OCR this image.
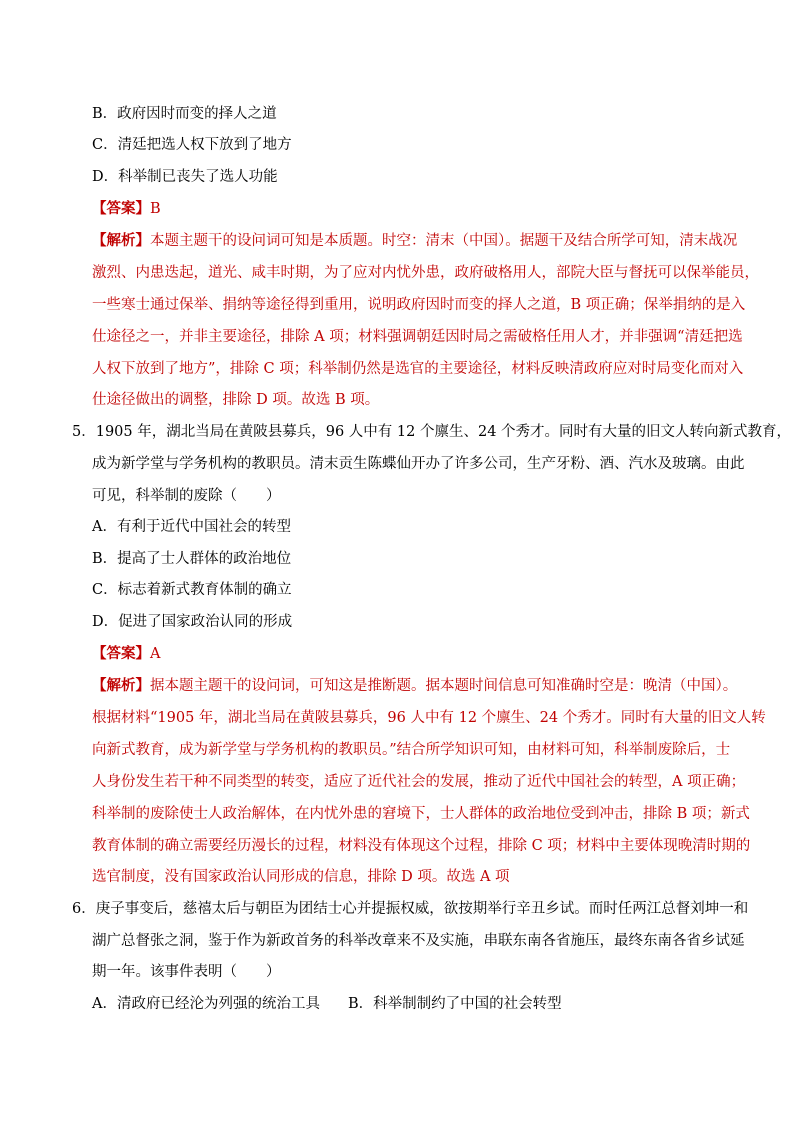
B．政府因时而变的择人之道
C．清廷把选人权下放到了地方
D．科举制已丧失了选人功能
【答案】B
【解析】本题主题干的设问词可知是本质题。时空：清末（中国）。据题干及结合所学可知，清末战况
激烈、内患迭起，道光、咸丰时期，为了应对内忧外患，政府破格用人，部院大臣与督抚可以保举能员，
一些寒士通过保举、捐纳等途径得到重用，说明政府因时而变的择人之道，B 项正确；保举捐纳的是入
仕途径之一，并非主要途径，排除 A 项；材料强调朝廷因时局之需破格任用人才，并非强调“清廷把选
人权下放到了地方”，排除 C 项；科举制仍然是选官的主要途径，材料反映清政府应对时局变化而对入
仕途径做出的调整，排除 D 项。故选 B 项。
5．1905 年，湖北当局在黄陂县募兵，96 人中有 12 个廪生、24 个秀才。同时有大量的旧文人转向新式教育，
成为新学堂与学务机构的教职员。清末贡生陈蝶仙开办了许多公司，生产牙粉、酒、汽水及玻璃。由此
可见，科举制的废除（　　）
A．有利于近代中国社会的转型
B．提高了士人群体的政治地位
C．标志着新式教育体制的确立
D．促进了国家政治认同的形成
【答案】A
【解析】据本题主题干的设问词，可知这是推断题。据本题时间信息可知准确时空是：晚清（中国）。
根据材料“1905 年，湖北当局在黄陂县募兵，96 人中有 12 个廪生、24 个秀才。同时有大量的旧文人转
向新式教育，成为新学堂与学务机构的教职员。”结合所学知识可知，由材料可知，科举制废除后，士
人身份发生若干种不同类型的转变，适应了近代社会的发展，推动了近代中国社会的转型，A 项正确；
科举制的废除使士人政治解体，在内忧外患的窘境下，士人群体的政治地位受到冲击，排除 B 项；新式
教育体制的确立需要经历漫长的过程，材料没有体现这个过程，排除 C 项；材料中主要体现晚清时期的
选官制度，没有国家政治认同形成的信息，排除 D 项。故选 A 项
6．庚子事变后，慈禧太后与朝臣为团结士心并提振权威，欲按期举行辛丑乡试。而时任两江总督刘坤一和
湖广总督张之洞，鉴于作为新政首务的科举改章来不及实施，串联东南各省施压，最终东南各省乡试延
期一年。该事件表明（　　）
A．清政府已经沦为列强的统治工具 B．科举制制约了中国的社会转型
